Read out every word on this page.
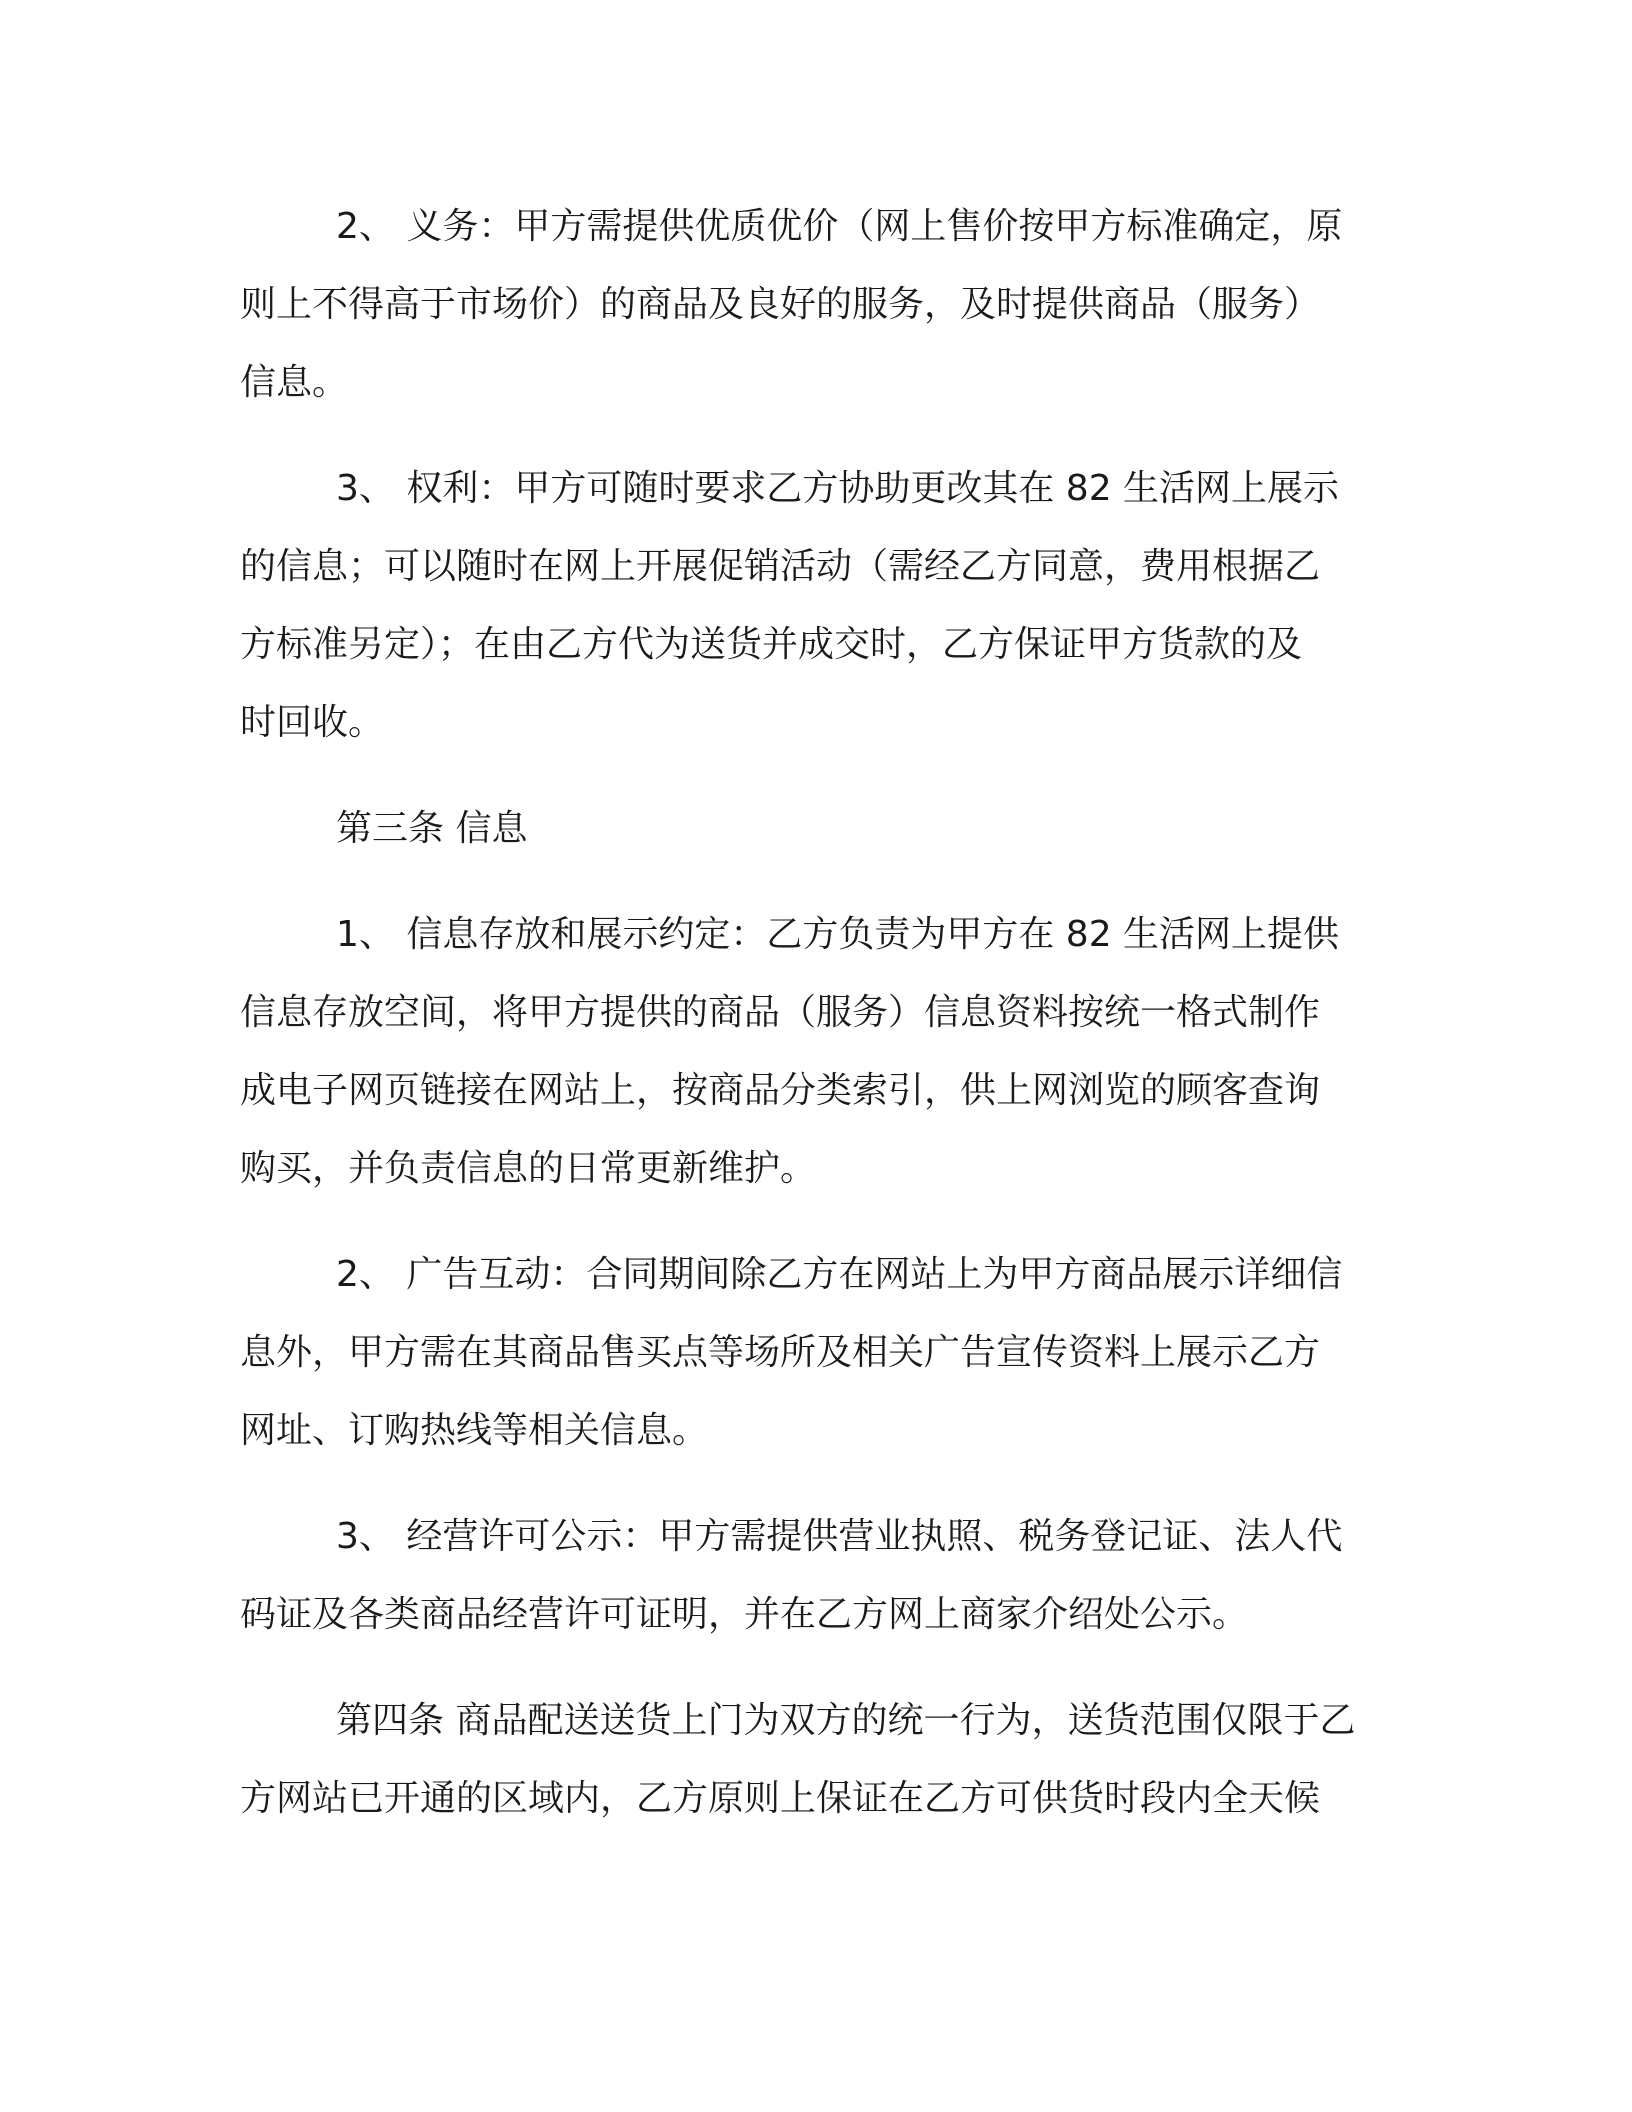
2、 义务：甲方需提供优质优价（网上售价按甲方标准确定，原
则上不得高于市场价）的商品及良好的服务，及时提供商品（服务）
信息。

3、 权利：甲方可随时要求乙方协助更改其在 82 生活网上展示
的信息；可以随时在网上开展促销活动（需经乙方同意，费用根据乙
方标准另定）；在由乙方代为送货并成交时，乙方保证甲方货款的及
时回收。

第三条 信息

1、 信息存放和展示约定：乙方负责为甲方在 82 生活网上提供
信息存放空间，将甲方提供的商品（服务）信息资料按统一格式制作
成电子网页链接在网站上，按商品分类索引，供上网浏览的顾客查询
购买，并负责信息的日常更新维护。

2、 广告互动：合同期间除乙方在网站上为甲方商品展示详细信
息外，甲方需在其商品售买点等场所及相关广告宣传资料上展示乙方
网址、订购热线等相关信息。

3、 经营许可公示：甲方需提供营业执照、税务登记证、法人代
码证及各类商品经营许可证明，并在乙方网上商家介绍处公示。

第四条 商品配送送货上门为双方的统一行为，送货范围仅限于乙
方网站已开通的区域内，乙方原则上保证在乙方可供货时段内全天候
